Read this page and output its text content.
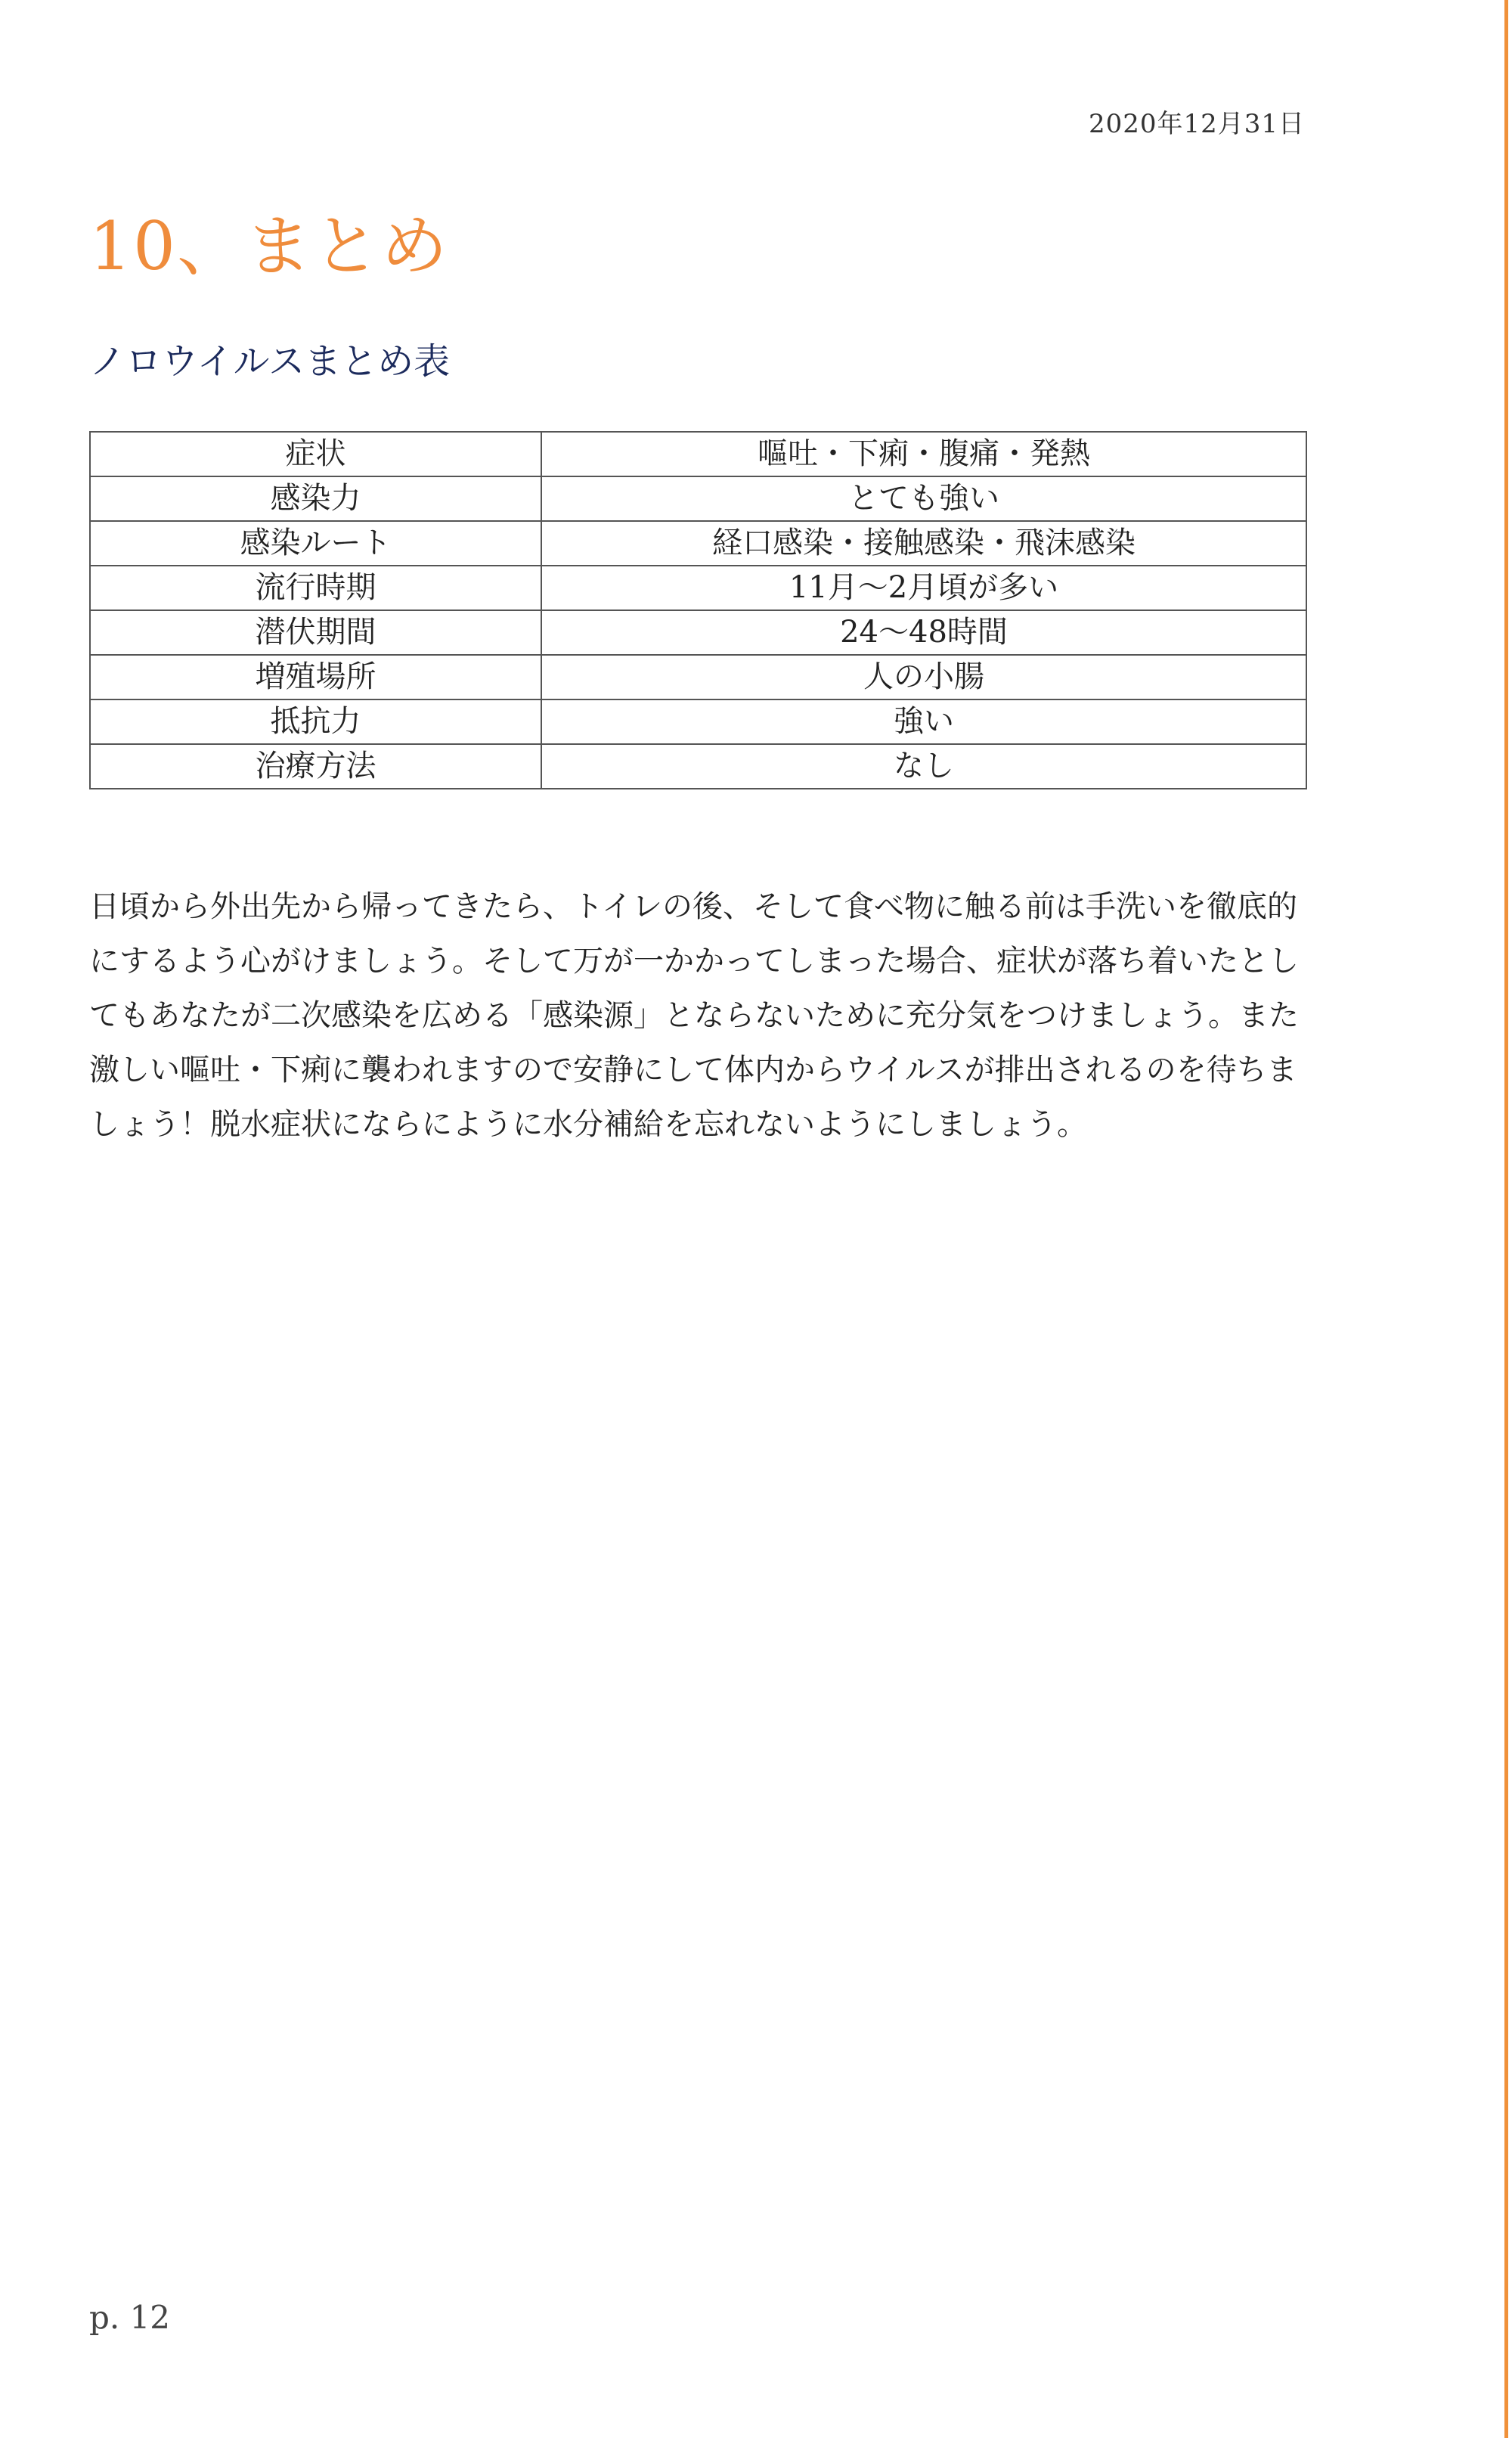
2020年12月31日
10、まとめ
ノロウイルスまとめ表
症状	嘔吐・下痢・腹痛・発熱
感染力	とても強い
感染ルート	経口感染・接触感染・飛沫感染
流行時期	11月～2月頃が多い
潜伏期間	24～48時間
増殖場所	人の小腸
抵抗力	強い
治療方法	なし

日頃から外出先から帰ってきたら、トイレの後、そして食べ物に触る前は手洗いを徹底的にするよう心がけましょう。そして万が一かかってしまった場合、症状が落ち着いたとしてもあなたが二次感染を広める「感染源」とならないために充分気をつけましょう。また激しい嘔吐・下痢に襲われますので安静にして体内からウイルスが排出されるのを待ちましょう！脱水症状にならにように水分補給を忘れないようにしましょう。

p. 12
